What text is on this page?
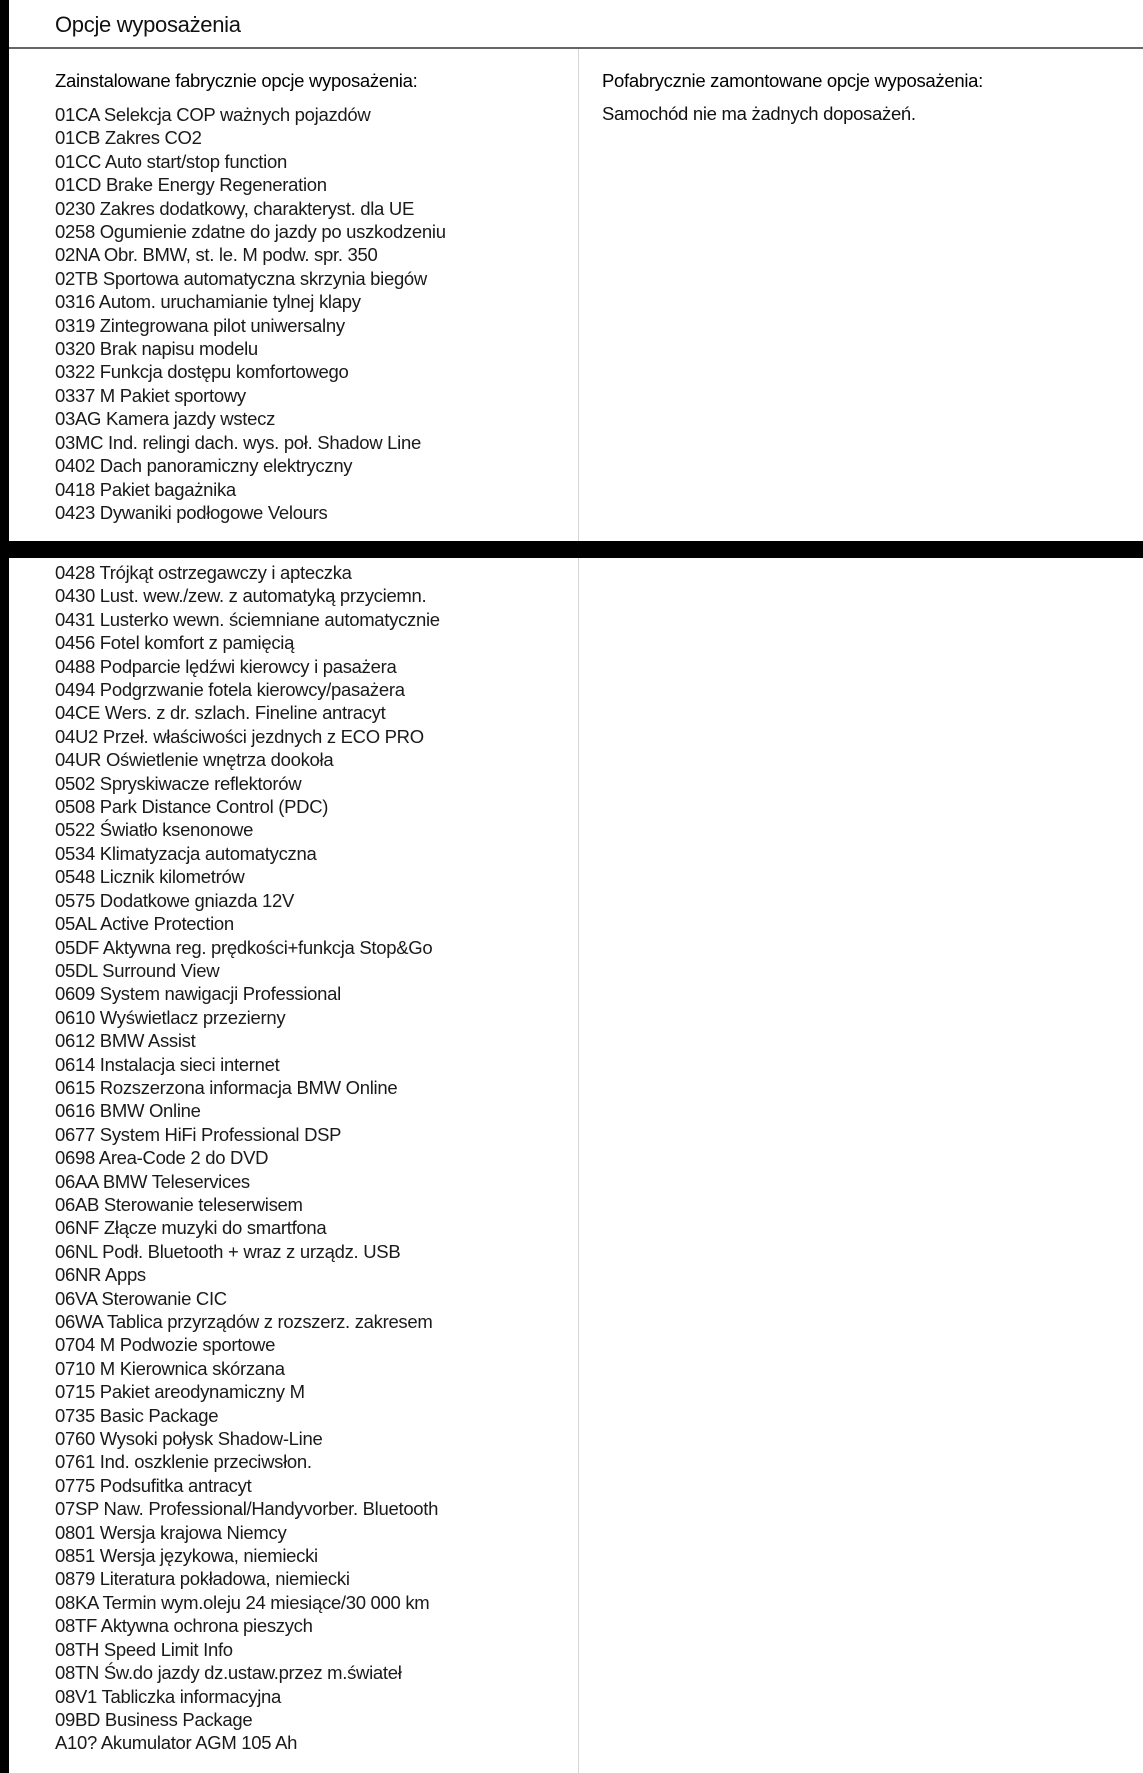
Opcje wyposażenia
Zainstalowane fabrycznie opcje wyposażenia:	Pofabrycznie zamontowane opcje wyposażenia:
01CA Selekcja COP ważnych pojazdów
01CB Zakres CO2
01CC Auto start/stop function
01CD Brake Energy Regeneration
0230 Zakres dodatkowy, charakteryst. dla UE
0258 Ogumienie zdatne do jazdy po uszkodzeniu
02NA Obr. BMW, st. le. M podw. spr. 350
02TB Sportowa automatyczna skrzynia biegów
0316 Autom. uruchamianie tylnej klapy
0319 Zintegrowana pilot uniwersalny
0320 Brak napisu modelu
0322 Funkcja dostępu komfortowego
0337 M Pakiet sportowy
03AG Kamera jazdy wstecz
03MC Ind. relingi dach. wys. poł. Shadow Line
0402 Dach panoramiczny elektryczny
0418 Pakiet bagażnika
0423 Dywaniki podłogowe Velours
Samochód nie ma żadnych doposażeń.
0428 Trójkąt ostrzegawczy i apteczka
0430 Lust. wew./zew. z automatyką przyciemn.
0431 Lusterko wewn. ściemniane automatycznie
0456 Fotel komfort z pamięcią
0488 Podparcie lędźwi kierowcy i pasażera
0494 Podgrzwanie fotela kierowcy/pasażera
04CE Wers. z dr. szlach. Fineline antracyt
04U2 Przeł. właściwości jezdnych z ECO PRO
04UR Oświetlenie wnętrza dookoła
0502 Spryskiwacze reflektorów
0508 Park Distance Control (PDC)
0522 Światło ksenonowe
0534 Klimatyzacja automatyczna
0548 Licznik kilometrów
0575 Dodatkowe gniazda 12V
05AL Active Protection
05DF Aktywna reg. prędkości+funkcja Stop&Go
05DL Surround View
0609 System nawigacji Professional
0610 Wyświetlacz przezierny
0612 BMW Assist
0614 Instalacja sieci internet
0615 Rozszerzona informacja BMW Online
0616 BMW Online
0677 System HiFi Professional DSP
0698 Area-Code 2 do DVD
06AA BMW Teleservices
06AB Sterowanie teleserwisem
06NF Złącze muzyki do smartfona
06NL Podł. Bluetooth + wraz z urządz. USB
06NR Apps
06VA Sterowanie CIC
06WA Tablica przyrządów z rozszerz. zakresem
0704 M Podwozie sportowe
0710 M Kierownica skórzana
0715 Pakiet areodynamiczny M
0735 Basic Package
0760 Wysoki połysk Shadow-Line
0761 Ind. oszklenie przeciwsłon.
0775 Podsufitka antracyt
07SP Naw. Professional/Handyvorber. Bluetooth
0801 Wersja krajowa Niemcy
0851 Wersja językowa, niemiecki
0879 Literatura pokładowa, niemiecki
08KA Termin wym.oleju 24 miesiące/30 000 km
08TF Aktywna ochrona pieszych
08TH Speed Limit Info
08TN Św.do jazdy dz.ustaw.przez m.świateł
08V1 Tabliczka informacyjna
09BD Business Package
A10? Akumulator AGM 105 Ah
